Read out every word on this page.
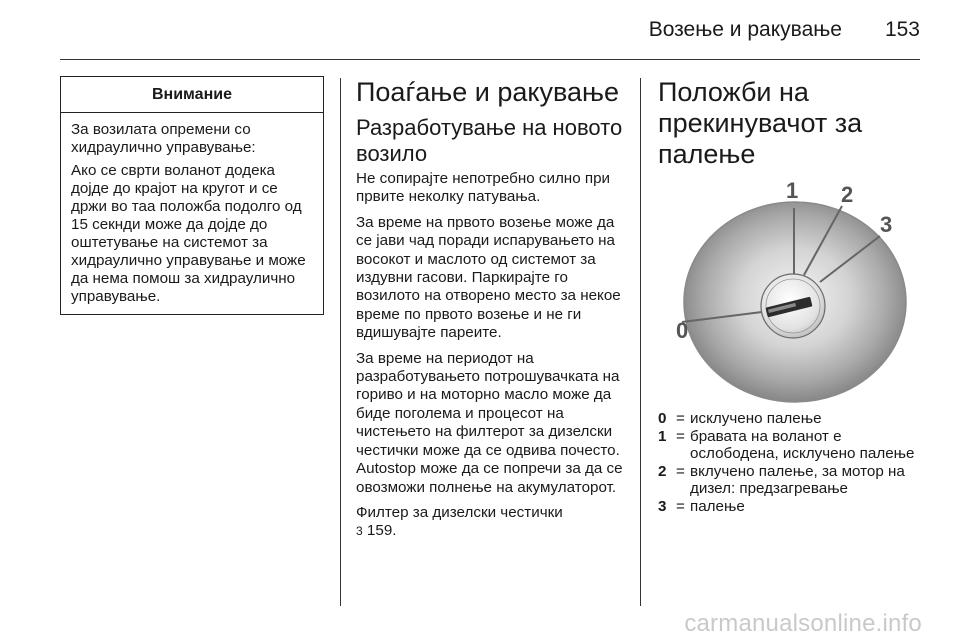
Возење и ракување 153
Внимание

За возилата опремени со хидраулично управување:

Ако се сврти воланот додека дојде до крајот на кругот и се држи во таа положба подолго од 15 секнди може да дојде до оштетување на системот за хидраулично управување и може да нема помош за хидраулично управување.

Поаѓање и ракување
Разработување на новото возило

Не сопирајте непотребно силно при првите неколку патувања.

За време на првото возење може да се јави чад поради испарувањето на восокот и маслото од системот за издувни гасови. Паркирајте го возилото на отворено место за некое време по првото возење и не ги вдишувајте пареите.

За време на периодот на разработувањето потрошувачката на гориво и на моторно масло може да биде поголема и процесот на чистењето на филтерот за дизелски честички може да се одвива почесто. Autostop може да се попречи за да се овозможи полнење на акумулаторот.

Филтер за дизелски честички
3 159.

Положби на прекинувачот за палење
0
1 2
3
0 = исклучено палење
1 = бравата на воланот е ослободена, исклучено палење
2 = вклучено палење, за мотор на дизел: предзагревање
3 = палење
carmanualsonline.info
